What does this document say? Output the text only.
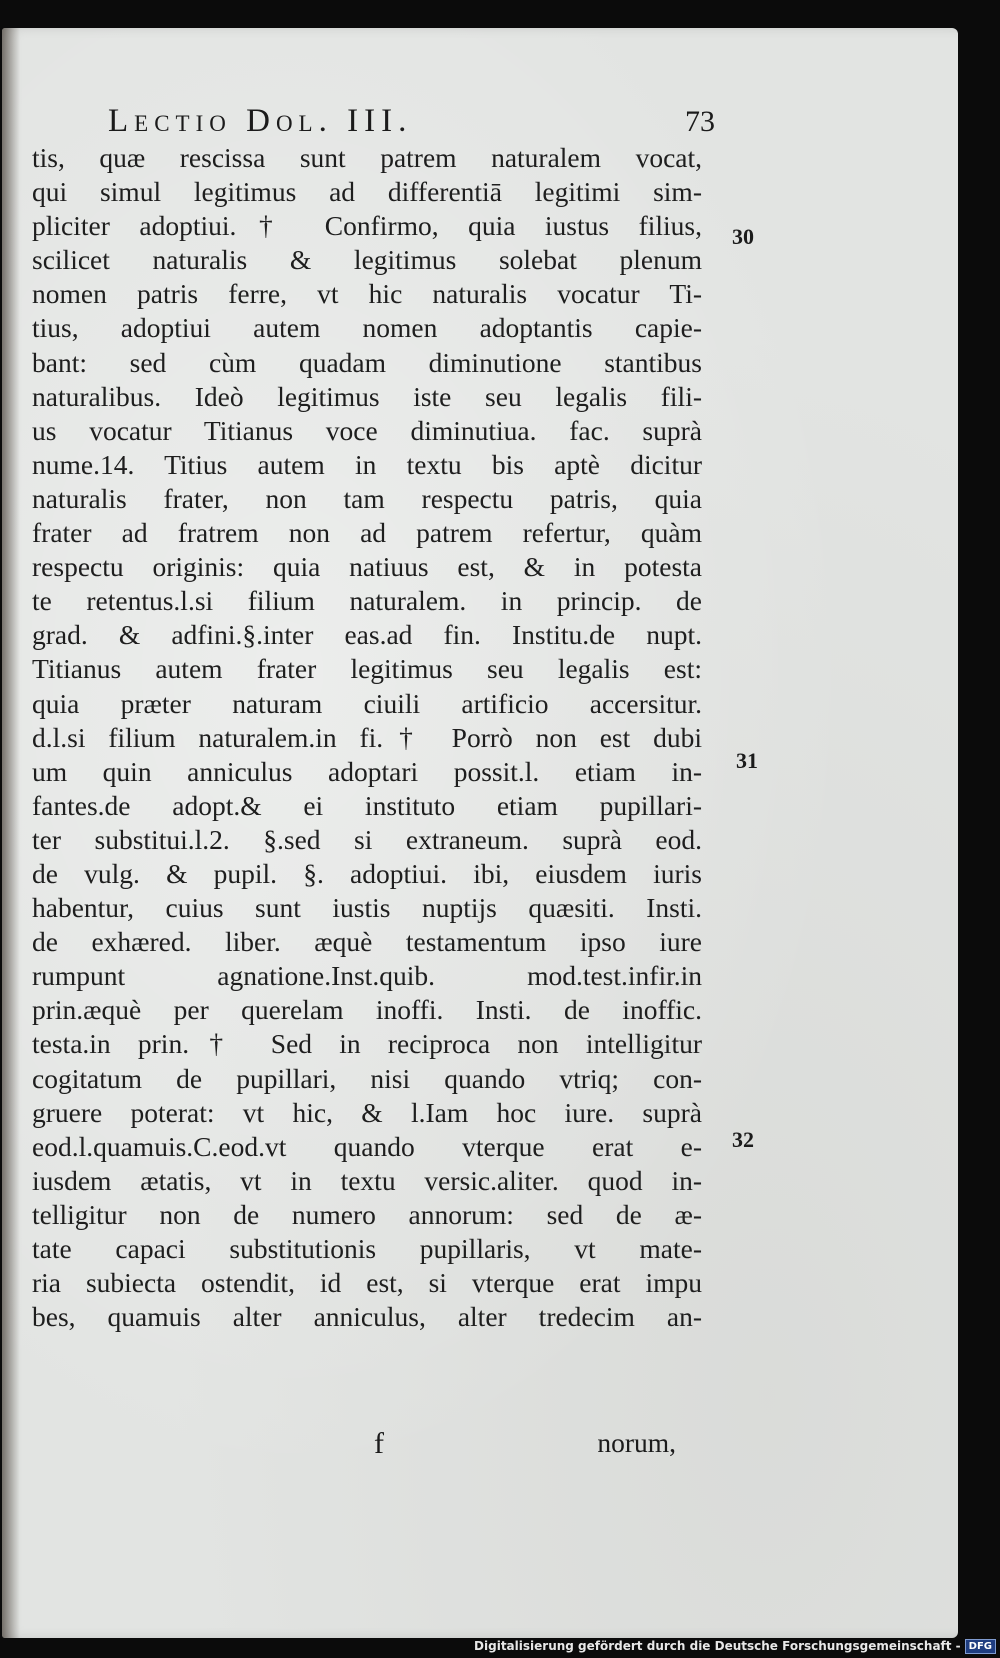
Lectio Dol. III.	73
tis, quæ rescissa sunt patrem naturalem vocat,
qui simul legitimus ad differentiā legitimi sim-
pliciter adoptiui.† Confirmo, quia iustus filius,
scilicet naturalis & legitimus solebat plenum
nomen patris ferre, vt hic naturalis vocatur Ti-
tius, adoptiui autem nomen adoptantis capie-
bant: sed cùm quadam diminutione stantibus
naturalibus. Ideò legitimus iste seu legalis fili-
us vocatur Titianus voce diminutiua. fac. suprà
nume.14. Titius autem in textu bis aptè dicitur
naturalis frater, non tam respectu patris, quia
frater ad fratrem non ad patrem refertur, quàm
respectu originis: quia natiuus est, & in potesta
te retentus.l.si filium naturalem. in princip. de
grad. & adfini.§.inter eas.ad fin. Institu.de nupt.
Titianus autem frater legitimus seu legalis est:
quia præter naturam ciuili artificio accersitur.
d.l.si filium naturalem.in fi.† Porrò non est dubi
um quin anniculus adoptari possit.l. etiam in-
fantes.de adopt.& ei instituto etiam pupillari-
ter substitui.l.2. §.sed si extraneum. suprà eod.
de vulg. & pupil. §. adoptiui. ibi, eiusdem iuris
habentur, cuius sunt iustis nuptijs quæsiti. Insti.
de exhæred. liber. æquè testamentum ipso iure
rumpunt agnatione.Inst.quib. mod.test.infir.in
prin.æquè per querelam inoffi. Insti. de inoffic.
testa.in prin.† Sed in reciproca non intelligitur
cogitatum de pupillari, nisi quando vtriq; con-
gruere poterat: vt hic, & l.Iam hoc iure. suprà
eod.l.quamuis.C.eod.vt quando vterque erat e-
iusdem ætatis, vt in textu versic.aliter. quod in-
telligitur non de numero annorum: sed de æ-
tate capaci substitutionis pupillaris, vt mate-
ria subiecta ostendit, id est, si vterque erat impu
bes, quamuis alter anniculus, alter tredecim an-
30
31
32
f	norum,
Digitalisierung gefördert durch die Deutsche Forschungsgemeinschaft - DFG
